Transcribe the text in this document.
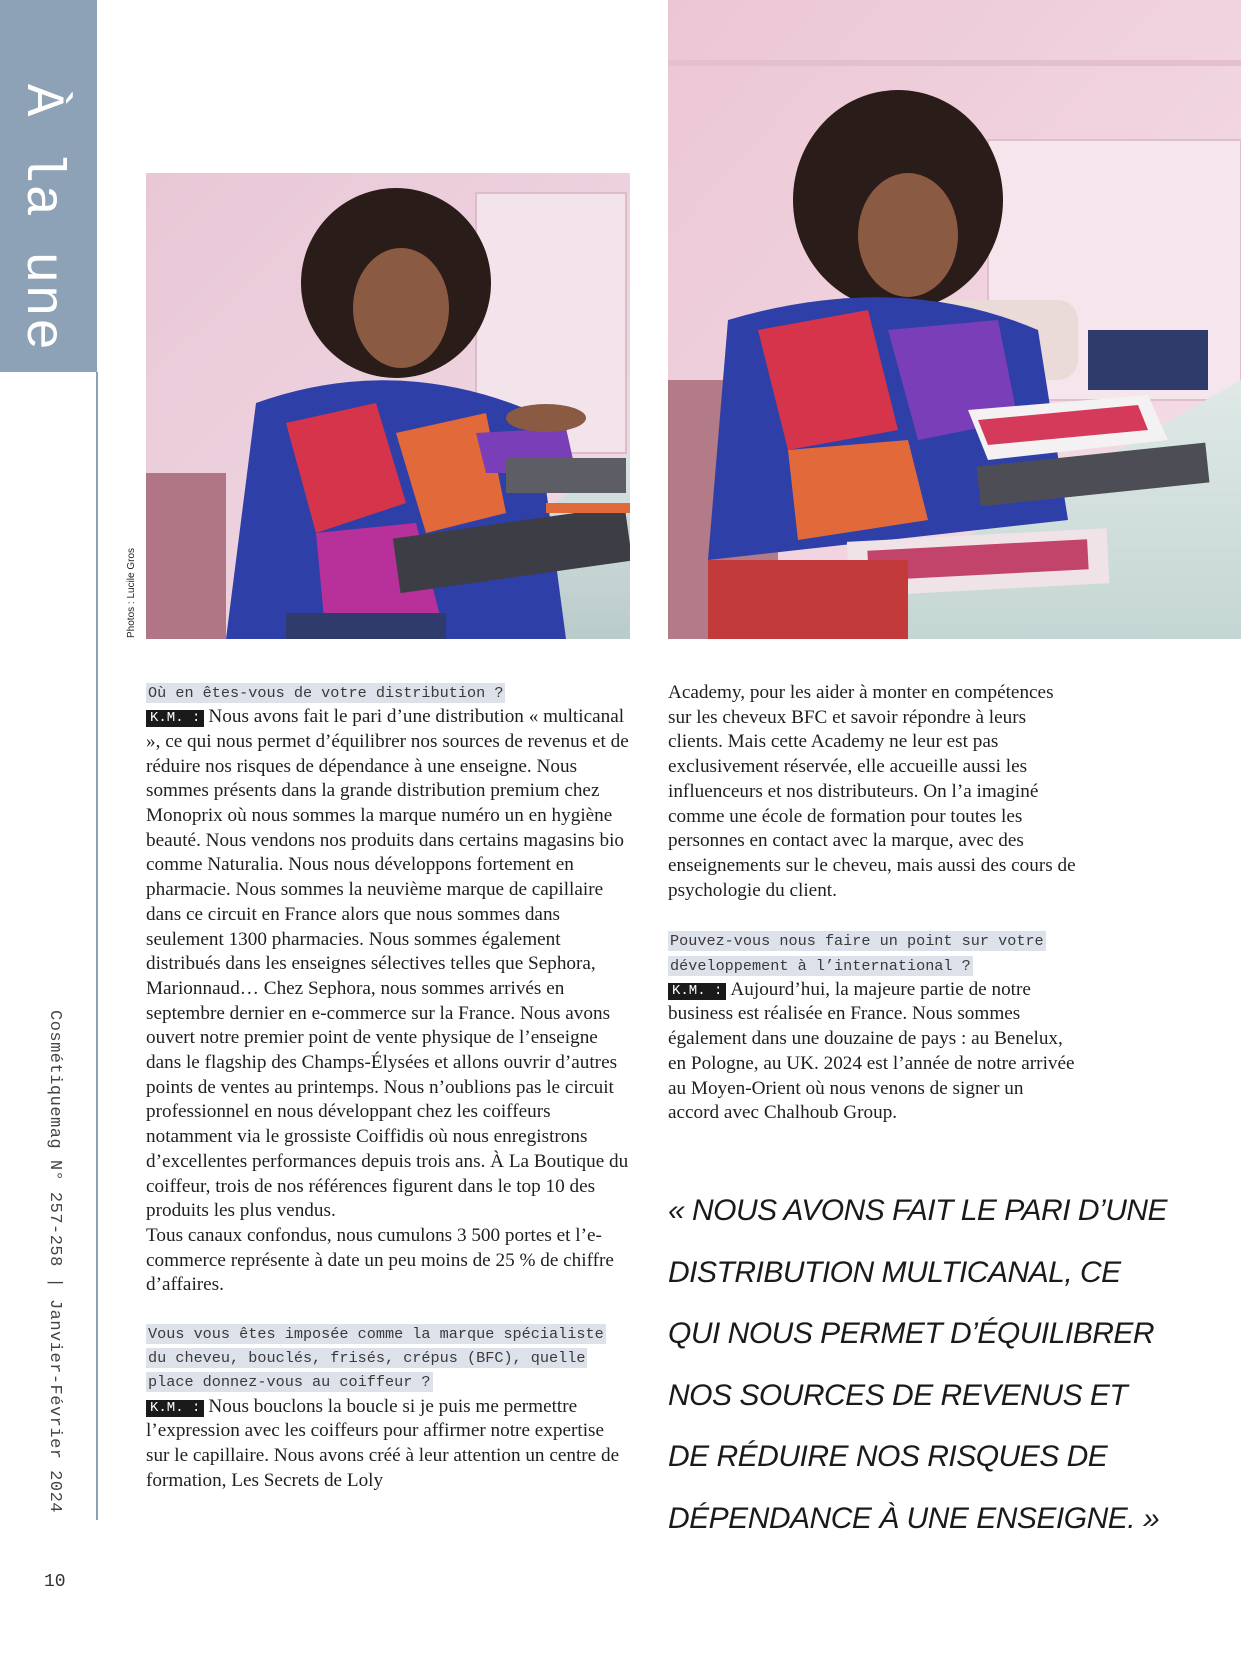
À la une
Cosmétiquemag N° 257-258 | Janvier-Février 2024
10
Photos : Lucile Gros
Où en êtes-vous de votre distribution ?

K.M. : Nous avons fait le pari d’une distribution « multicanal », ce qui nous permet d’équilibrer nos sources de revenus et de réduire nos risques de dépendance à une enseigne. Nous sommes présents dans la grande distribution premium chez Monoprix où nous sommes la marque numéro un en hygiène beauté. Nous vendons nos produits dans certains magasins bio comme Naturalia. Nous nous développons fortement en pharmacie. Nous sommes la neuvième marque de capillaire dans ce circuit en France alors que nous sommes dans seulement 1300 pharmacies. Nous sommes également distribués dans les enseignes sélectives telles que Sephora, Marionnaud… Chez Sephora, nous sommes arrivés en septembre dernier en e-commerce sur la France. Nous avons ouvert notre premier point de vente physique de l’enseigne dans le flagship des Champs-Élysées et allons ouvrir d’autres points de ventes au printemps. Nous n’oublions pas le circuit professionnel en nous développant chez les coiffeurs notamment via le grossiste Coiffidis où nous enregistrons d’excellentes performances depuis trois ans. À La Boutique du coiffeur, trois de nos références figurent dans le top 10 des produits les plus vendus.

Tous canaux confondus, nous cumulons 3 500 portes et l’e-commerce représente à date un peu moins de 25 % de chiffre d’affaires.

Vous vous êtes imposée comme la marque spécialiste du cheveu, bouclés, frisés, crépus (BFC), quelle place donnez-vous au coiffeur ?

K.M. : Nous bouclons la boucle si je puis me permettre l’expression avec les coiffeurs pour affirmer notre expertise sur le capillaire. Nous avons créé à leur attention un centre de formation, Les Secrets de Loly

Academy, pour les aider à monter en compétences sur les cheveux BFC et savoir répondre à leurs clients. Mais cette Academy ne leur est pas exclusivement réservée, elle accueille aussi les influenceurs et nos distributeurs. On l’a imaginé comme une école de formation pour toutes les personnes en contact avec la marque, avec des enseignements sur le cheveu, mais aussi des cours de psychologie du client.

Pouvez-vous nous faire un point sur votre développement à l’international ?

K.M. : Aujourd’hui, la majeure partie de notre business est réalisée en France. Nous sommes également dans une douzaine de pays : au Benelux, en Pologne, au UK. 2024 est l’année de notre arrivée au Moyen-Orient où nous venons de signer un accord avec Chalhoub Group.

« NOUS AVONS FAIT LE PARI D’UNE DISTRIBUTION MULTICANAL, CE QUI NOUS PERMET D’ÉQUILIBRER NOS SOURCES DE REVENUS ET DE RÉDUIRE NOS RISQUES DE DÉPENDANCE À UNE ENSEIGNE. »
